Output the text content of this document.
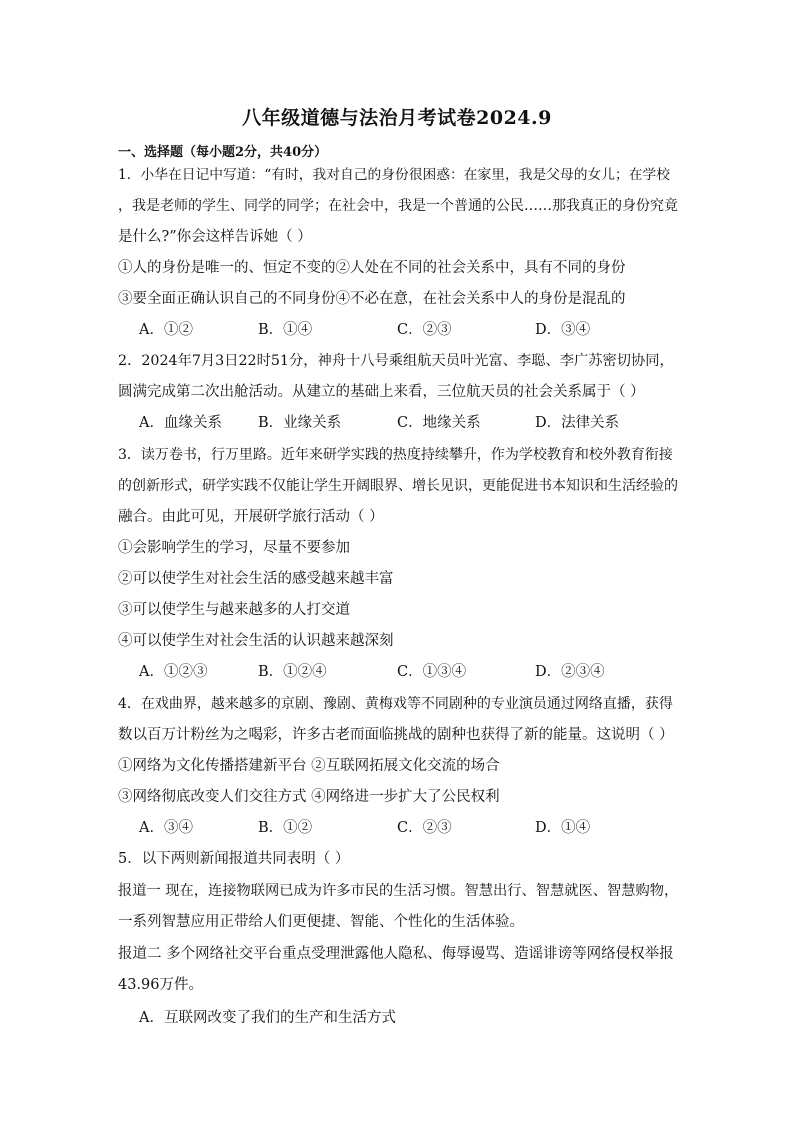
八年级道德与法治月考试卷2024.9
一、选择题（每小题2分，共40分）
1．小华在日记中写道：“有时，我对自己的身份很困惑：在家里，我是父母的女儿；在学校
，我是老师的学生、同学的同学；在社会中，我是一个普通的公民……那我真正的身份究竟
是什么?”你会这样告诉她（ ）
①人的身份是唯一的、恒定不变的②人处在不同的社会关系中，具有不同的身份
③要全面正确认识自己的不同身份④不必在意，在社会关系中人的身份是混乱的
A．①②	B．①④	C．②③	D．③④
2．2024年7月3日22时51分，神舟十八号乘组航天员叶光富、李聪、李广苏密切协同，
圆满完成第二次出舱活动。从建立的基础上来看，三位航天员的社会关系属于（ ）
A．血缘关系 B．业缘关系	C．地缘关系	D．法律关系
3．读万卷书，行万里路。近年来研学实践的热度持续攀升，作为学校教育和校外教育衔接
的创新形式，研学实践不仅能让学生开阔眼界、增长见识，更能促进书本知识和生活经验的
融合。由此可见，开展研学旅行活动（ ）
①会影响学生的学习，尽量不要参加
②可以使学生对社会生活的感受越来越丰富
③可以使学生与越来越多的人打交道
④可以使学生对社会生活的认识越来越深刻
A．①②③	B．①②④	C．①③④	D．②③④
4．在戏曲界，越来越多的京剧、豫剧、黄梅戏等不同剧种的专业演员通过网络直播，获得
数以百万计粉丝为之喝彩，许多古老而面临挑战的剧种也获得了新的能量。这说明（ ）
①网络为文化传播搭建新平台 ②互联网拓展文化交流的场合
③网络彻底改变人们交往方式 ④网络进一步扩大了公民权利
A．③④	B．①②	C．②③	D．①④
5．以下两则新闻报道共同表明（ ）
报道一 现在，连接物联网已成为许多市民的生活习惯。智慧出行、智慧就医、智慧购物，
一系列智慧应用正带给人们更便捷、智能、个性化的生活体验。
报道二 多个网络社交平台重点受理泄露他人隐私、侮辱谩骂、造谣诽谤等网络侵权举报
43.96万件。
A．互联网改变了我们的生产和生活方式
